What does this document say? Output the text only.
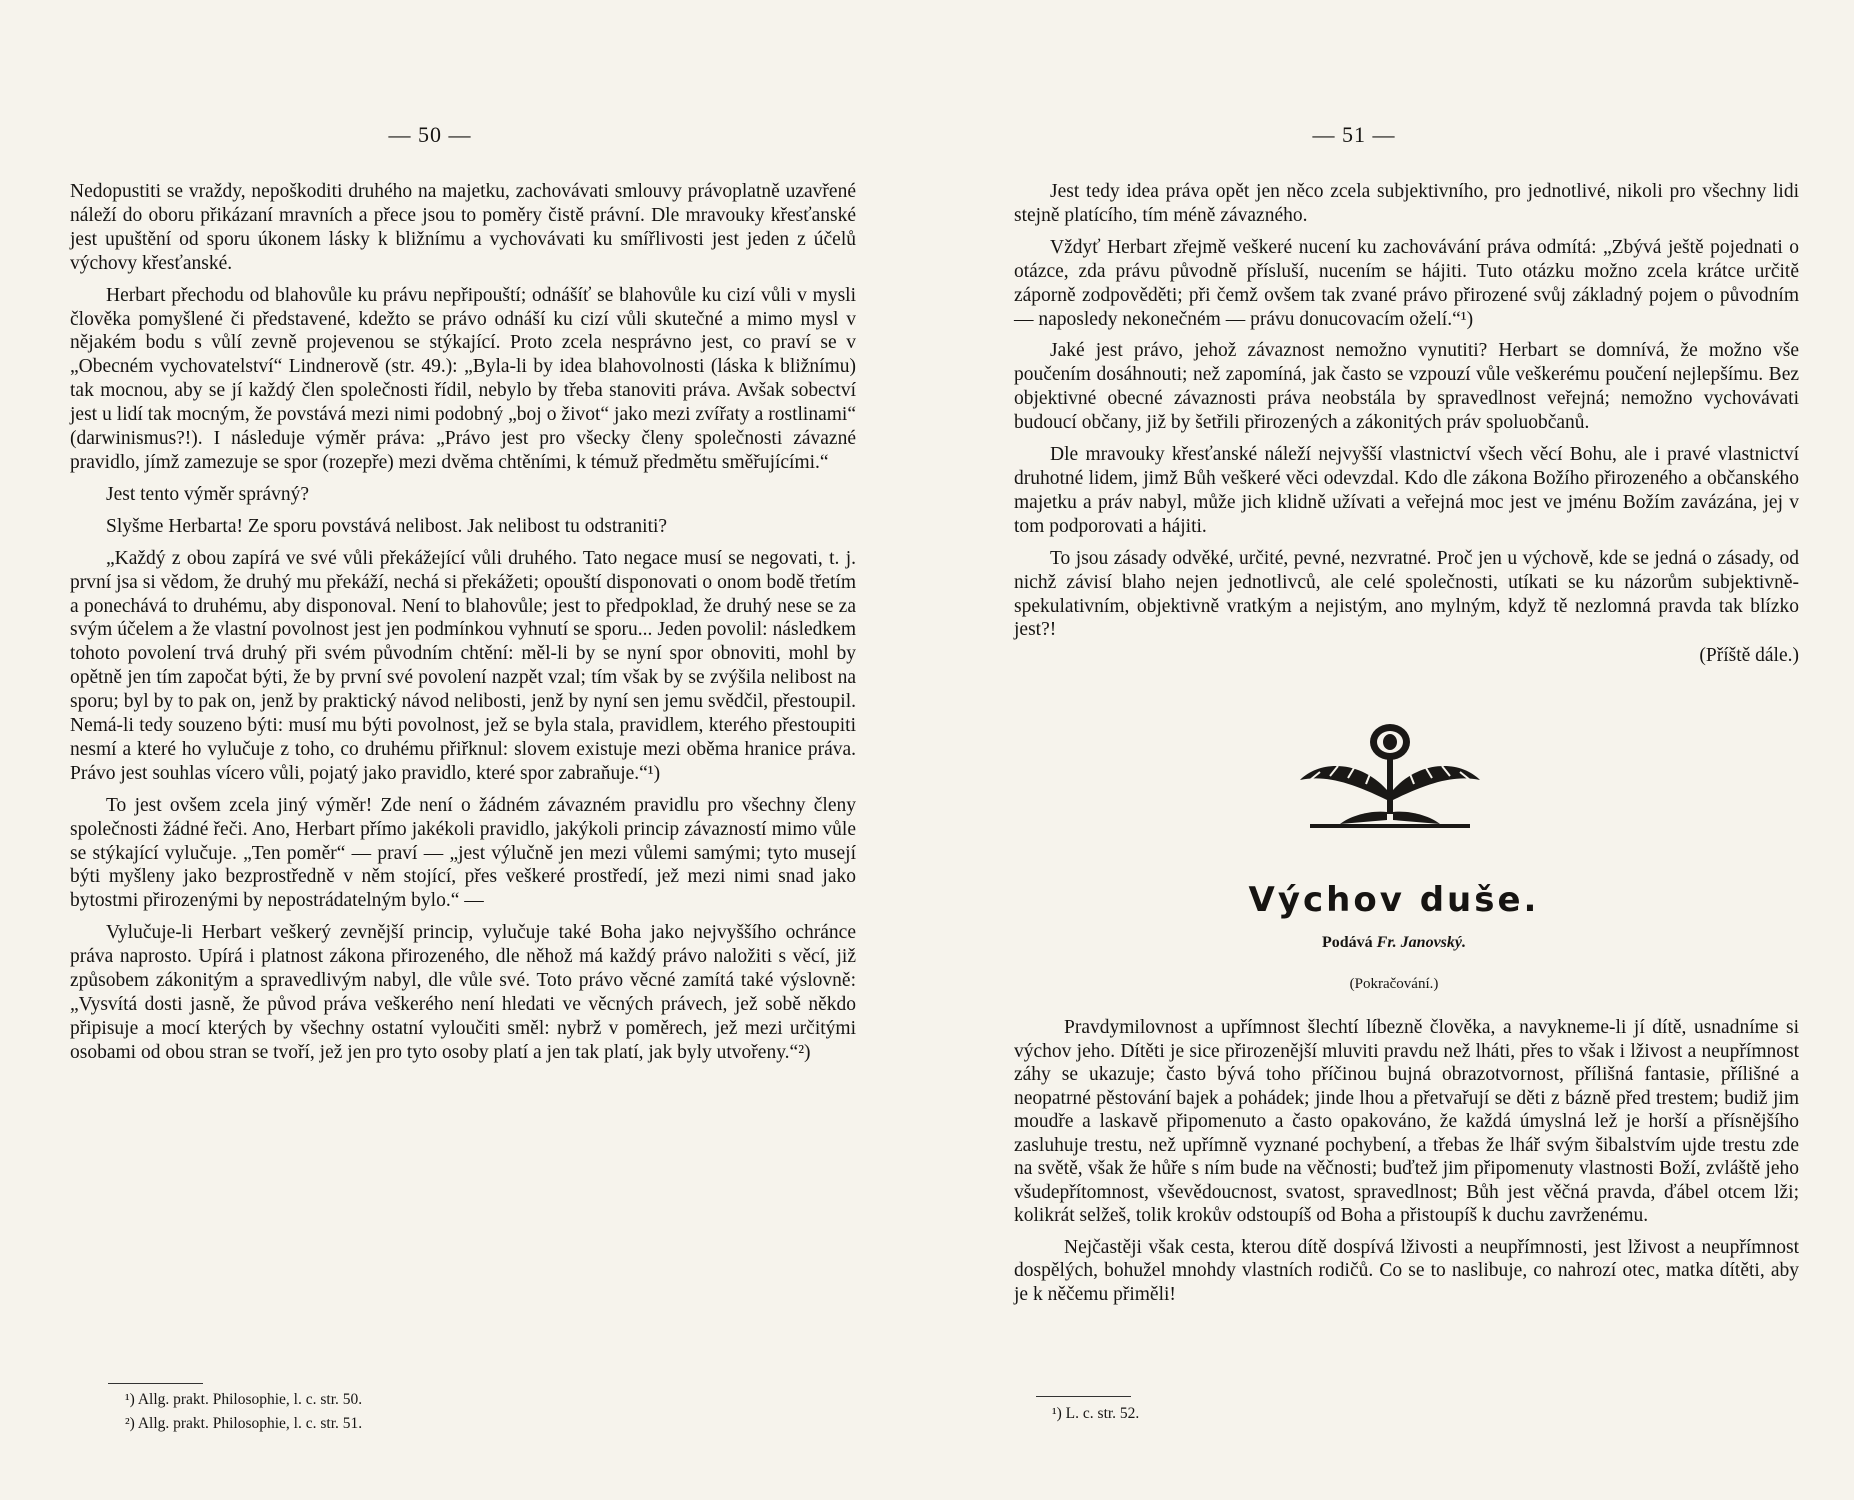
— 50 —

Nedopustiti se vraždy, nepoškoditi druhého na majetku, zachovávati smlouvy právoplatně uzavřené náleží do oboru přikázaní mravních a přece jsou to poměry čistě právní. Dle mravouky křesťanské jest upuštění od sporu úkonem lásky k bližnímu a vychovávati ku smířlivosti jest jeden z účelů výchovy křesťanské.

Herbart přechodu od blahovůle ku právu nepřipouští; odnášíť se blahovůle ku cizí vůli v mysli člověka pomyšlené či představené, kdežto se právo odnáší ku cizí vůli skutečné a mimo mysl v nějakém bodu s vůlí zevně projevenou se stýkající. Proto zcela nesprávno jest, co praví se v „Obecném vychovatelství“ Lindnerově (str. 49.): „Byla-li by idea blahovolnosti (láska k bližnímu) tak mocnou, aby se jí každý člen společnosti řídil, nebylo by třeba stanoviti práva. Avšak sobectví jest u lidí tak mocným, že povstává mezi nimi podobný „boj o život“ jako mezi zvířaty a rostlinami“ (darwinismus?!). I následuje výměr práva: „Právo jest pro všecky členy společnosti závazné pravidlo, jímž zamezuje se spor (rozepře) mezi dvěma chtěními, k témuž předmětu směřujícími.“

Jest tento výměr správný?

Slyšme Herbarta! Ze sporu povstává nelibost. Jak nelibost tu odstraniti?

„Každý z obou zapírá ve své vůli překážející vůli druhého. Tato negace musí se negovati, t. j. první jsa si vědom, že druhý mu překáží, nechá si překážeti; opouští disponovati o onom bodě třetím a ponechává to druhému, aby disponoval. Není to blahovůle; jest to předpoklad, že druhý nese se za svým účelem a že vlastní povolnost jest jen podmínkou vyhnutí se sporu... Jeden povolil: následkem tohoto povolení trvá druhý při svém původním chtění: měl-li by se nyní spor obnoviti, mohl by opětně jen tím započat býti, že by první své povolení nazpět vzal; tím však by se zvýšila nelibost na sporu; byl by to pak on, jenž by praktický návod nelibosti, jenž by nyní sen jemu svědčil, přestoupil. Nemá-li tedy souzeno býti: musí mu býti povolnost, jež se byla stala, pravidlem, kterého přestoupiti nesmí a které ho vylučuje z toho, co druhému přiřknul: slovem existuje mezi oběma hranice práva. Právo jest souhlas vícero vůli, pojatý jako pravidlo, které spor zabraňuje.“¹)

To jest ovšem zcela jiný výměr! Zde není o žádném závazném pravidlu pro všechny členy společnosti žádné řeči. Ano, Herbart přímo jakékoli pravidlo, jakýkoli princip závazností mimo vůle se stýkající vylučuje. „Ten poměr“ — praví — „jest výlučně jen mezi vůlemi samými; tyto musejí býti myšleny jako bezprostředně v něm stojící, přes veškeré prostředí, jež mezi nimi snad jako bytostmi přirozenými by nepostrádatelným bylo.“ —

Vylučuje-li Herbart veškerý zevnější princip, vylučuje také Boha jako nejvyššího ochránce práva naprosto. Upírá i platnost zákona přirozeného, dle něhož má každý právo naložiti s věcí, již způsobem zákonitým a spravedlivým nabyl, dle vůle své. Toto právo věcné zamítá také výslovně: „Vysvítá dosti jasně, že původ práva veškerého není hledati ve věcných právech, jež sobě někdo připisuje a mocí kterých by všechny ostatní vyloučiti směl: nybrž v poměrech, jež mezi určitými osobami od obou stran se tvoří, jež jen pro tyto osoby platí a jen tak platí, jak byly utvořeny.“²)

¹) Allg. prakt. Philosophie, l. c. str. 50.
²) Allg. prakt. Philosophie, l. c. str. 51.
— 51 —

Jest tedy idea práva opět jen něco zcela subjektivního, pro jednotlivé, nikoli pro všechny lidi stejně platícího, tím méně závazného.

Vždyť Herbart zřejmě veškeré nucení ku zachovávání práva odmítá: „Zbývá ještě pojednati o otázce, zda právu původně přísluší, nucením se hájiti. Tuto otázku možno zcela krátce určitě záporně zodpověděti; při čemž ovšem tak zvané právo přirozené svůj základný pojem o původním — naposledy nekonečném — právu donucovacím oželí.“¹)

Jaké jest právo, jehož závaznost nemožno vynutiti? Herbart se domnívá, že možno vše poučením dosáhnouti; než zapomíná, jak často se vzpouzí vůle veškerému poučení nejlepšímu. Bez objektivné obecné závaznosti práva neobstála by spravedlnost veřejná; nemožno vychovávati budoucí občany, již by šetřili přirozených a zákonitých práv spoluobčanů.

Dle mravouky křesťanské náleží nejvyšší vlastnictví všech věcí Bohu, ale i pravé vlastnictví druhotné lidem, jimž Bůh veškeré věci odevzdal. Kdo dle zákona Božího přirozeného a občanského majetku a práv nabyl, může jich klidně užívati a veřejná moc jest ve jménu Božím zavázána, jej v tom podporovati a hájiti.

To jsou zásady odvěké, určité, pevné, nezvratné. Proč jen u výchově, kde se jedná o zásady, od nichž závisí blaho nejen jednotlivců, ale celé společnosti, utíkati se ku názorům subjektivně-spekulativním, objektivně vratkým a nejistým, ano mylným, když tě nezlomná pravda tak blízko jest?!

(Příště dále.)

Výchov duše.
Podává Fr. Janovský.
(Pokračování.)

Pravdymilovnost a upřímnost šlechtí líbezně člověka, a navykneme-li jí dítě, usnadníme si výchov jeho. Dítěti je sice přirozenější mluviti pravdu než lháti, přes to však i lživost a neupřímnost záhy se ukazuje; často bývá toho příčinou bujná obrazotvornost, přílišná fantasie, přílišné a neopatrné pěstování bajek a pohádek; jinde lhou a přetvařují se děti z bázně před trestem; budiž jim moudře a laskavě připomenuto a často opakováno, že každá úmyslná lež je horší a přísnějšího zasluhuje trestu, než upřímně vyznané pochybení, a třebas že lhář svým šibalstvím ujde trestu zde na světě, však že hůře s ním bude na věčnosti; buďtež jim připomenuty vlastnosti Boží, zvláště jeho všudepřítomnost, vševědoucnost, svatost, spravedlnost; Bůh jest věčná pravda, ďábel otcem lži; kolikrát selžeš, tolik krokův odstoupíš od Boha a přistoupíš k duchu zavrženému.

Nejčastěji však cesta, kterou dítě dospívá lživosti a neupřímnosti, jest lživost a neupřímnost dospělých, bohužel mnohdy vlastních rodičů. Co se to naslibuje, co nahrozí otec, matka dítěti, aby je k něčemu přiměli!

¹) L. c. str. 52.
